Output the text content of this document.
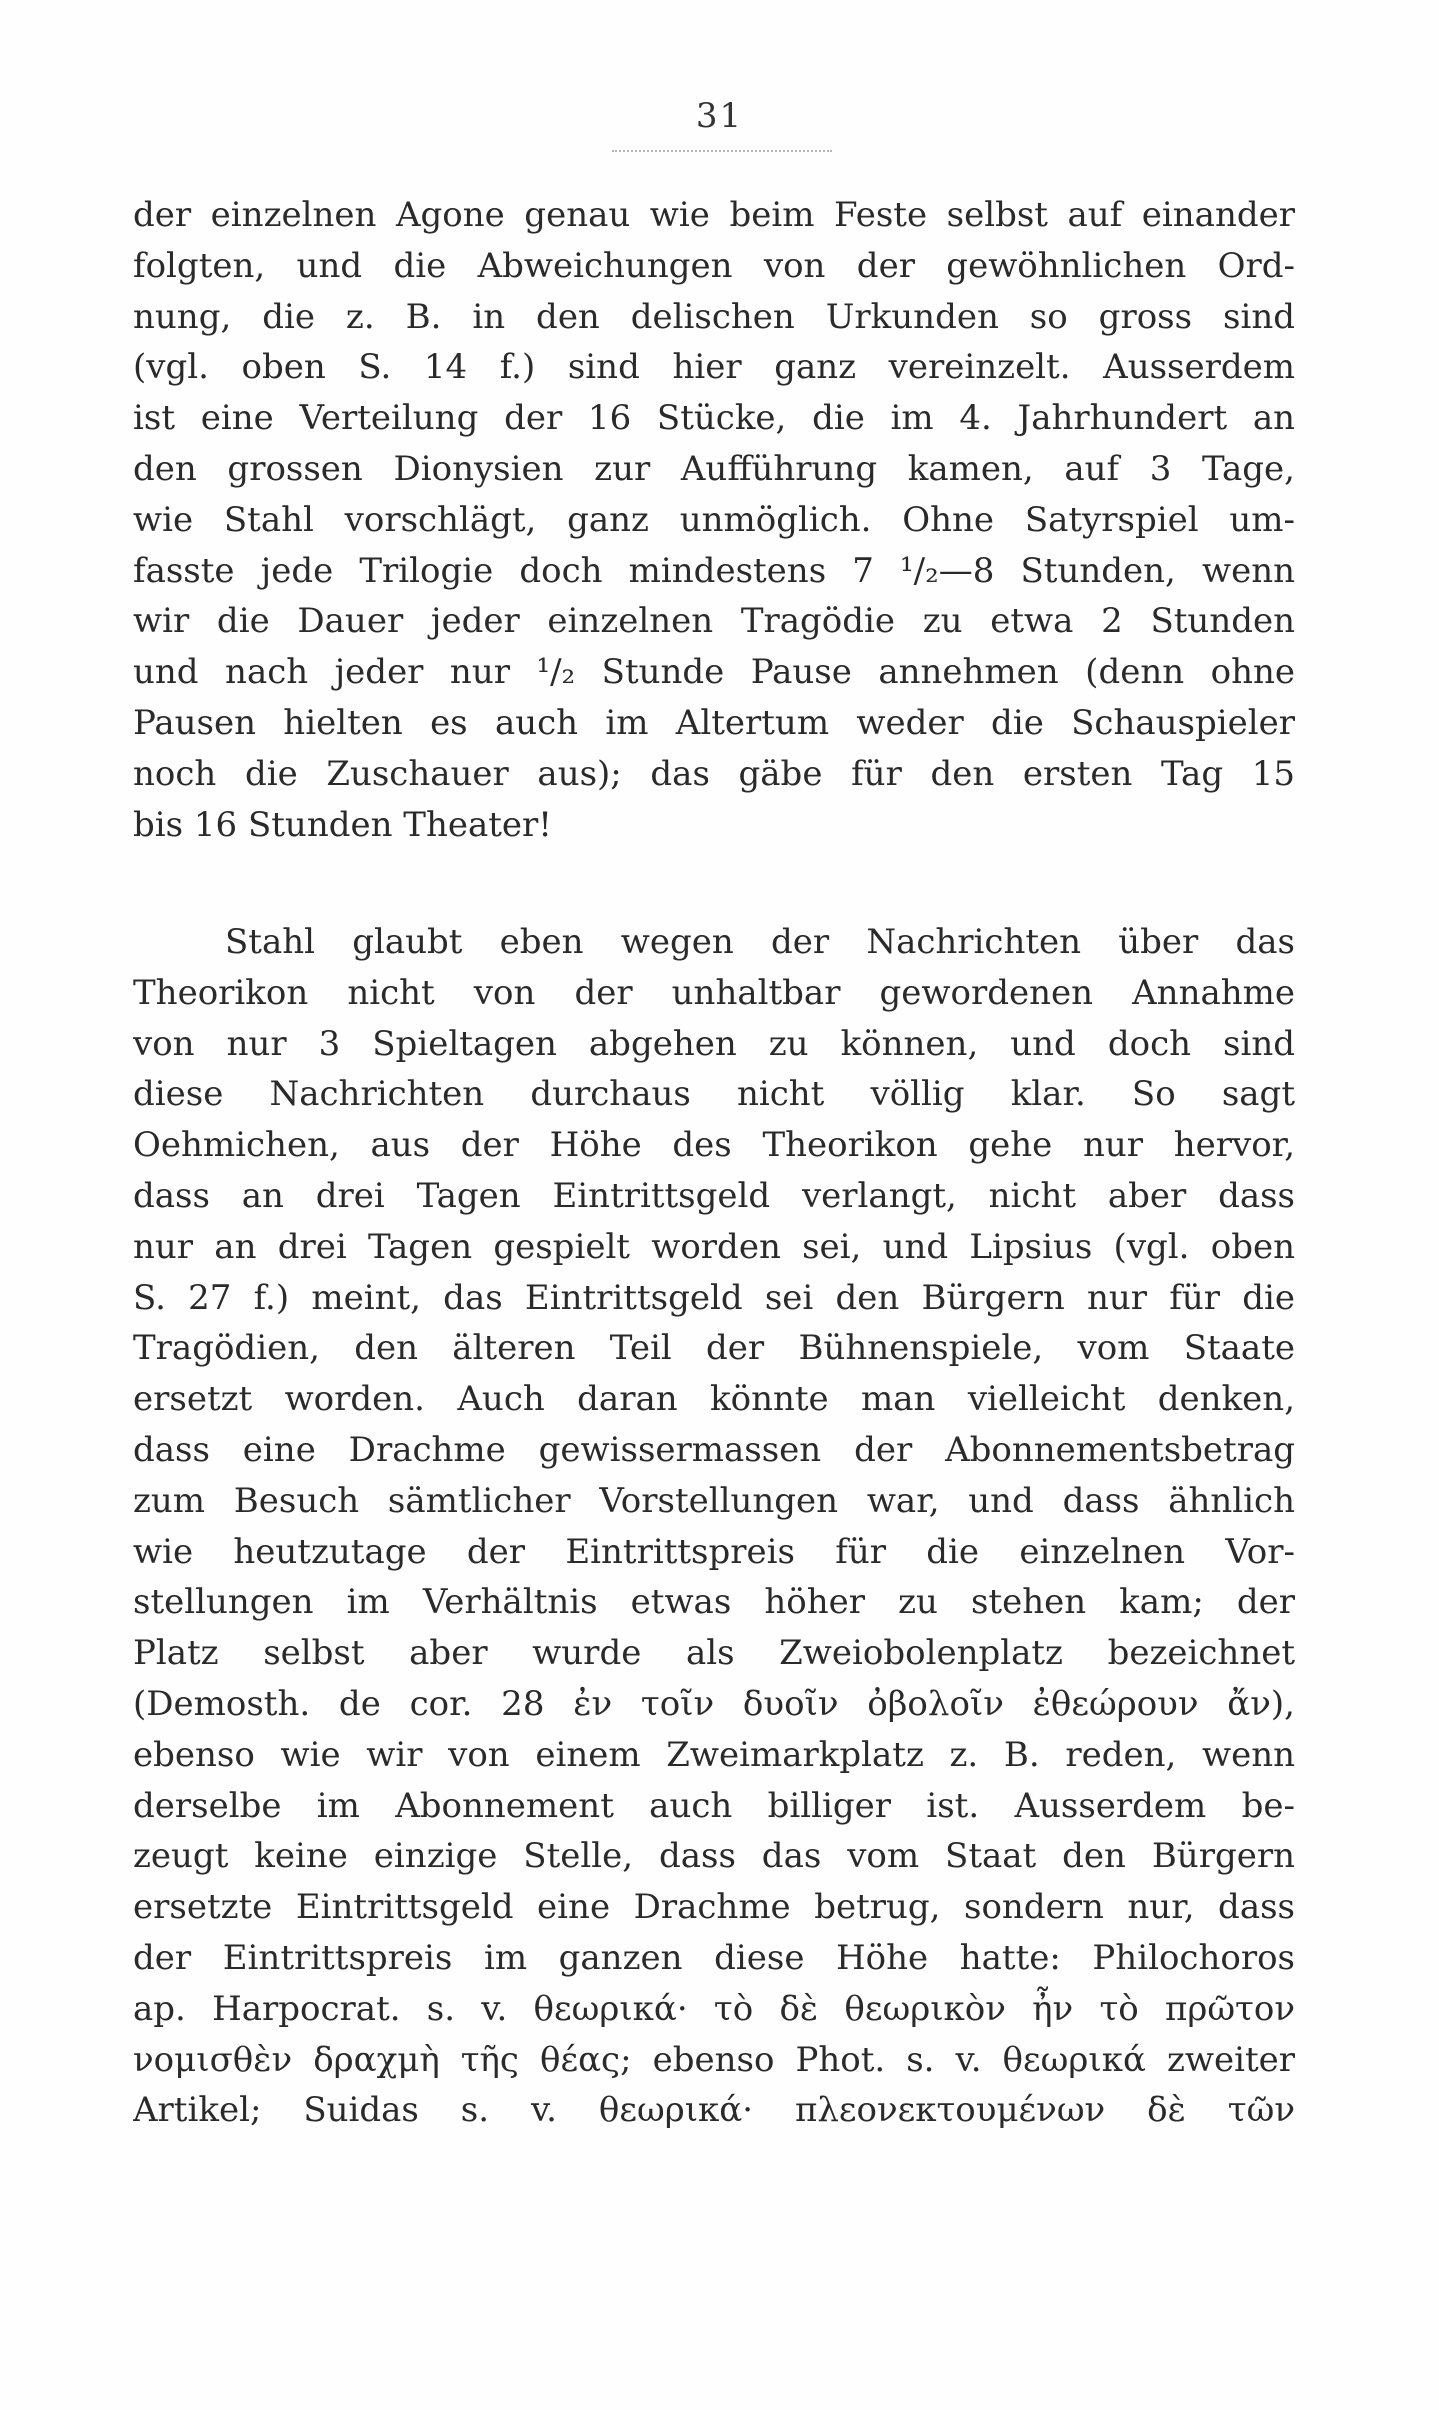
31
der einzelnen Agone genau wie beim Feste selbst auf einander
folgten, und die Abweichungen von der gewöhnlichen Ord-
nung, die z. B. in den delischen Urkunden so gross sind
(vgl. oben S. 14 f.) sind hier ganz vereinzelt. Ausserdem
ist eine Verteilung der 16 Stücke, die im 4. Jahrhundert an
den grossen Dionysien zur Aufführung kamen, auf 3 Tage,
wie Stahl vorschlägt, ganz unmöglich. Ohne Satyrspiel um-
fasste jede Trilogie doch mindestens 7 ¹/₂—8 Stunden, wenn
wir die Dauer jeder einzelnen Tragödie zu etwa 2 Stunden
und nach jeder nur ¹/₂ Stunde Pause annehmen (denn ohne
Pausen hielten es auch im Altertum weder die Schauspieler
noch die Zuschauer aus); das gäbe für den ersten Tag 15
bis 16 Stunden Theater!
Stahl glaubt eben wegen der Nachrichten über das
Theorikon nicht von der unhaltbar gewordenen Annahme
von nur 3 Spieltagen abgehen zu können, und doch sind
diese Nachrichten durchaus nicht völlig klar. So sagt
Oehmichen, aus der Höhe des Theorikon gehe nur hervor,
dass an drei Tagen Eintrittsgeld verlangt, nicht aber dass
nur an drei Tagen gespielt worden sei, und Lipsius (vgl. oben
S. 27 f.) meint, das Eintrittsgeld sei den Bürgern nur für die
Tragödien, den älteren Teil der Bühnenspiele, vom Staate
ersetzt worden. Auch daran könnte man vielleicht denken,
dass eine Drachme gewissermassen der Abonnementsbetrag
zum Besuch sämtlicher Vorstellungen war, und dass ähnlich
wie heutzutage der Eintrittspreis für die einzelnen Vor-
stellungen im Verhältnis etwas höher zu stehen kam; der
Platz selbst aber wurde als Zweiobolenplatz bezeichnet
(Demosth. de cor. 28 ἐν τοῖν δυοῖν ὀβολοῖν ἐθεώρουν ἄν),
ebenso wie wir von einem Zweimarkplatz z. B. reden, wenn
derselbe im Abonnement auch billiger ist. Ausserdem be-
zeugt keine einzige Stelle, dass das vom Staat den Bürgern
ersetzte Eintrittsgeld eine Drachme betrug, sondern nur, dass
der Eintrittspreis im ganzen diese Höhe hatte: Philochoros
ap. Harpocrat. s. v. θεωρικά· τὸ δὲ θεωρικὸν ἦν τὸ πρῶτον
νομισθὲν δραχμὴ τῆς θέας; ebenso Phot. s. v. θεωρικά zweiter
Artikel; Suidas s. v. θεωρικά· πλεονεκτουμένων δὲ τῶν
